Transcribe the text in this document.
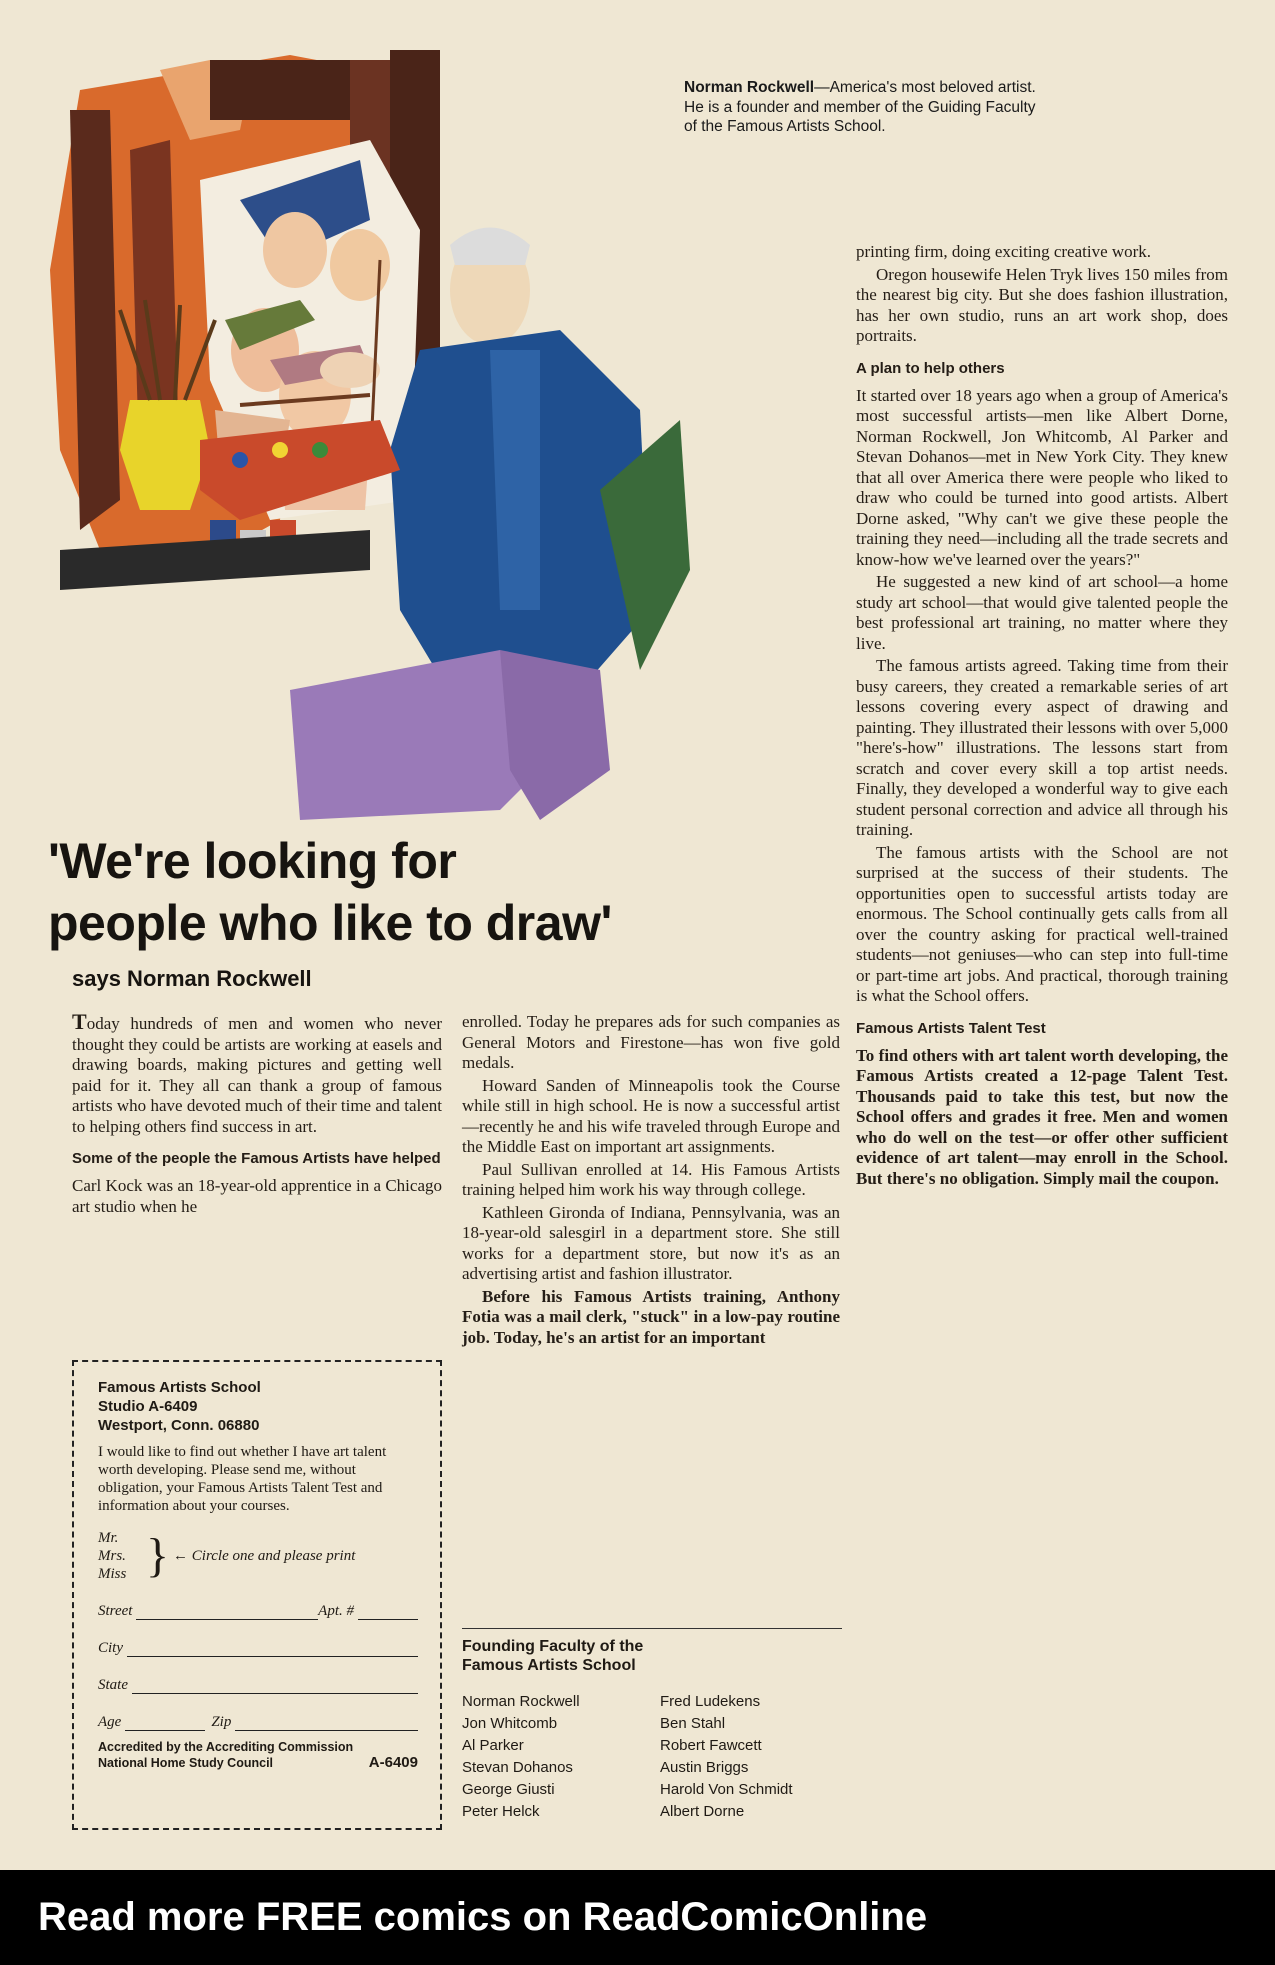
Norman Rockwell—America's most beloved artist. He is a founder and member of the Guiding Faculty of the Famous Artists School.
'We're looking for
people who like to draw'
says Norman Rockwell

Today hundreds of men and women who never thought they could be artists are working at easels and drawing boards, making pictures and getting well paid for it. They all can thank a group of famous artists who have devoted much of their time and talent to helping others find success in art.

Some of the people the Famous Artists have helped

Carl Kock was an 18-year-old apprentice in a Chicago art studio when he

enrolled. Today he prepares ads for such companies as General Motors and Firestone—has won five gold medals.

Howard Sanden of Minneapolis took the Course while still in high school. He is now a successful artist—recently he and his wife traveled through Europe and the Middle East on important art assignments.

Paul Sullivan enrolled at 14. His Famous Artists training helped him work his way through college.

Kathleen Gironda of Indiana, Pennsylvania, was an 18-year-old salesgirl in a department store. She still works for a department store, but now it's as an advertising artist and fashion illustrator.

Before his Famous Artists training, Anthony Fotia was a mail clerk, "stuck" in a low-pay routine job. Today, he's an artist for an important

printing firm, doing exciting creative work.

Oregon housewife Helen Tryk lives 150 miles from the nearest big city. But she does fashion illustration, has her own studio, runs an art work shop, does portraits.

A plan to help others

It started over 18 years ago when a group of America's most successful artists—men like Albert Dorne, Norman Rockwell, Jon Whitcomb, Al Parker and Stevan Dohanos—met in New York City. They knew that all over America there were people who liked to draw who could be turned into good artists. Albert Dorne asked, "Why can't we give these people the training they need—including all the trade secrets and know-how we've learned over the years?"

He suggested a new kind of art school—a home study art school—that would give talented people the best professional art training, no matter where they live.

The famous artists agreed. Taking time from their busy careers, they created a remarkable series of art lessons covering every aspect of drawing and painting. They illustrated their lessons with over 5,000 "here's-how" illustrations. The lessons start from scratch and cover every skill a top artist needs. Finally, they developed a wonderful way to give each student personal correction and advice all through his training.

The famous artists with the School are not surprised at the success of their students. The opportunities open to successful artists today are enormous. The School continually gets calls from all over the country asking for practical well-trained students—not geniuses—who can step into full-time or part-time art jobs. And practical, thorough training is what the School offers.

Famous Artists Talent Test

To find others with art talent worth developing, the Famous Artists created a 12-page Talent Test. Thousands paid to take this test, but now the School offers and grades it free. Men and women who do well on the test—or offer other sufficient evidence of art talent—may enroll in the School. But there's no obligation. Simply mail the coupon.

Famous Artists School
Studio A-6409
Westport, Conn. 06880
I would like to find out whether I have art talent worth developing. Please send me, without obligation, your Famous Artists Talent Test and information about your courses.
Mr.
Mrs.
Miss } ← Circle one and please print
Street	Apt. #
City
State
Age	Zip
Accredited by the Accrediting Commission
National Home Study Council	A-6409
Founding Faculty of the
Famous Artists School
Norman Rockwell	Fred Ludekens
Jon Whitcomb	Ben Stahl
Al Parker	Robert Fawcett
Stevan Dohanos	Austin Briggs
George Giusti	Harold Von Schmidt
Peter Helck	Albert Dorne
Read more FREE comics on ReadComicOnline
